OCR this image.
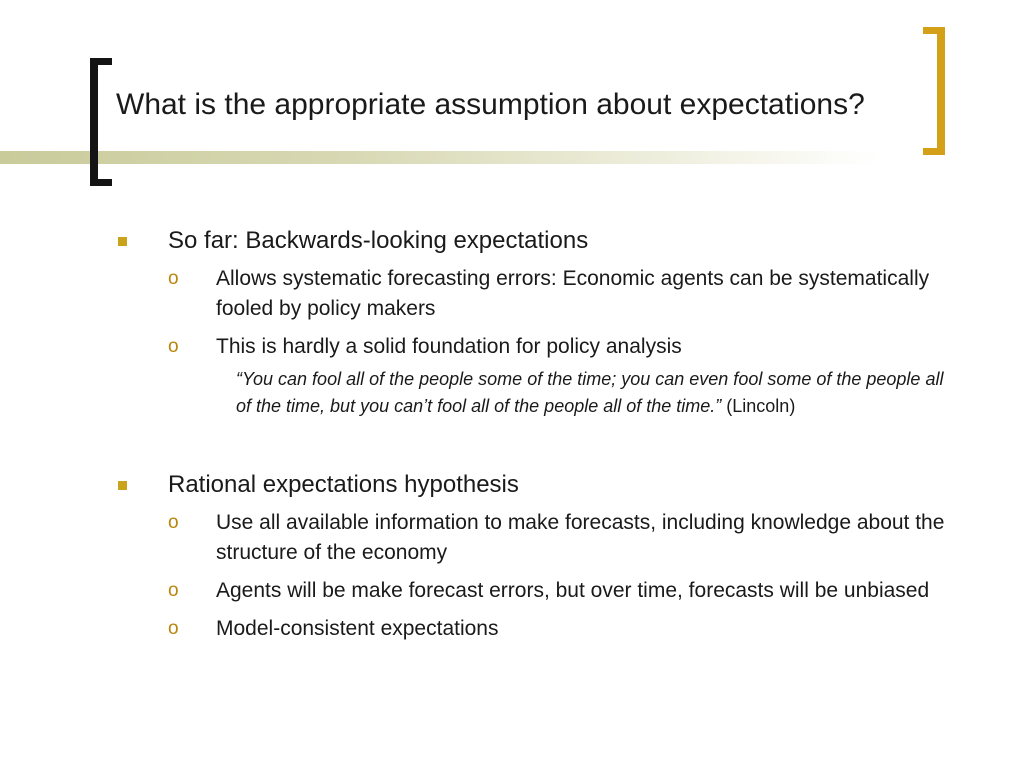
What is the appropriate assumption about expectations?
So far: Backwards-looking expectations
o Allows systematic forecasting errors: Economic agents can be systematically fooled by policy makers
o This is hardly a solid foundation for policy analysis
“You can fool all of the people some of the time; you can even fool some of the people all of the time, but you can’t fool all of the people all of the time.” (Lincoln)
Rational expectations hypothesis
o Use all available information to make forecasts, including knowledge about the structure of the economy
o Agents will be make forecast errors, but over time, forecasts will be unbiased
o Model-consistent expectations
